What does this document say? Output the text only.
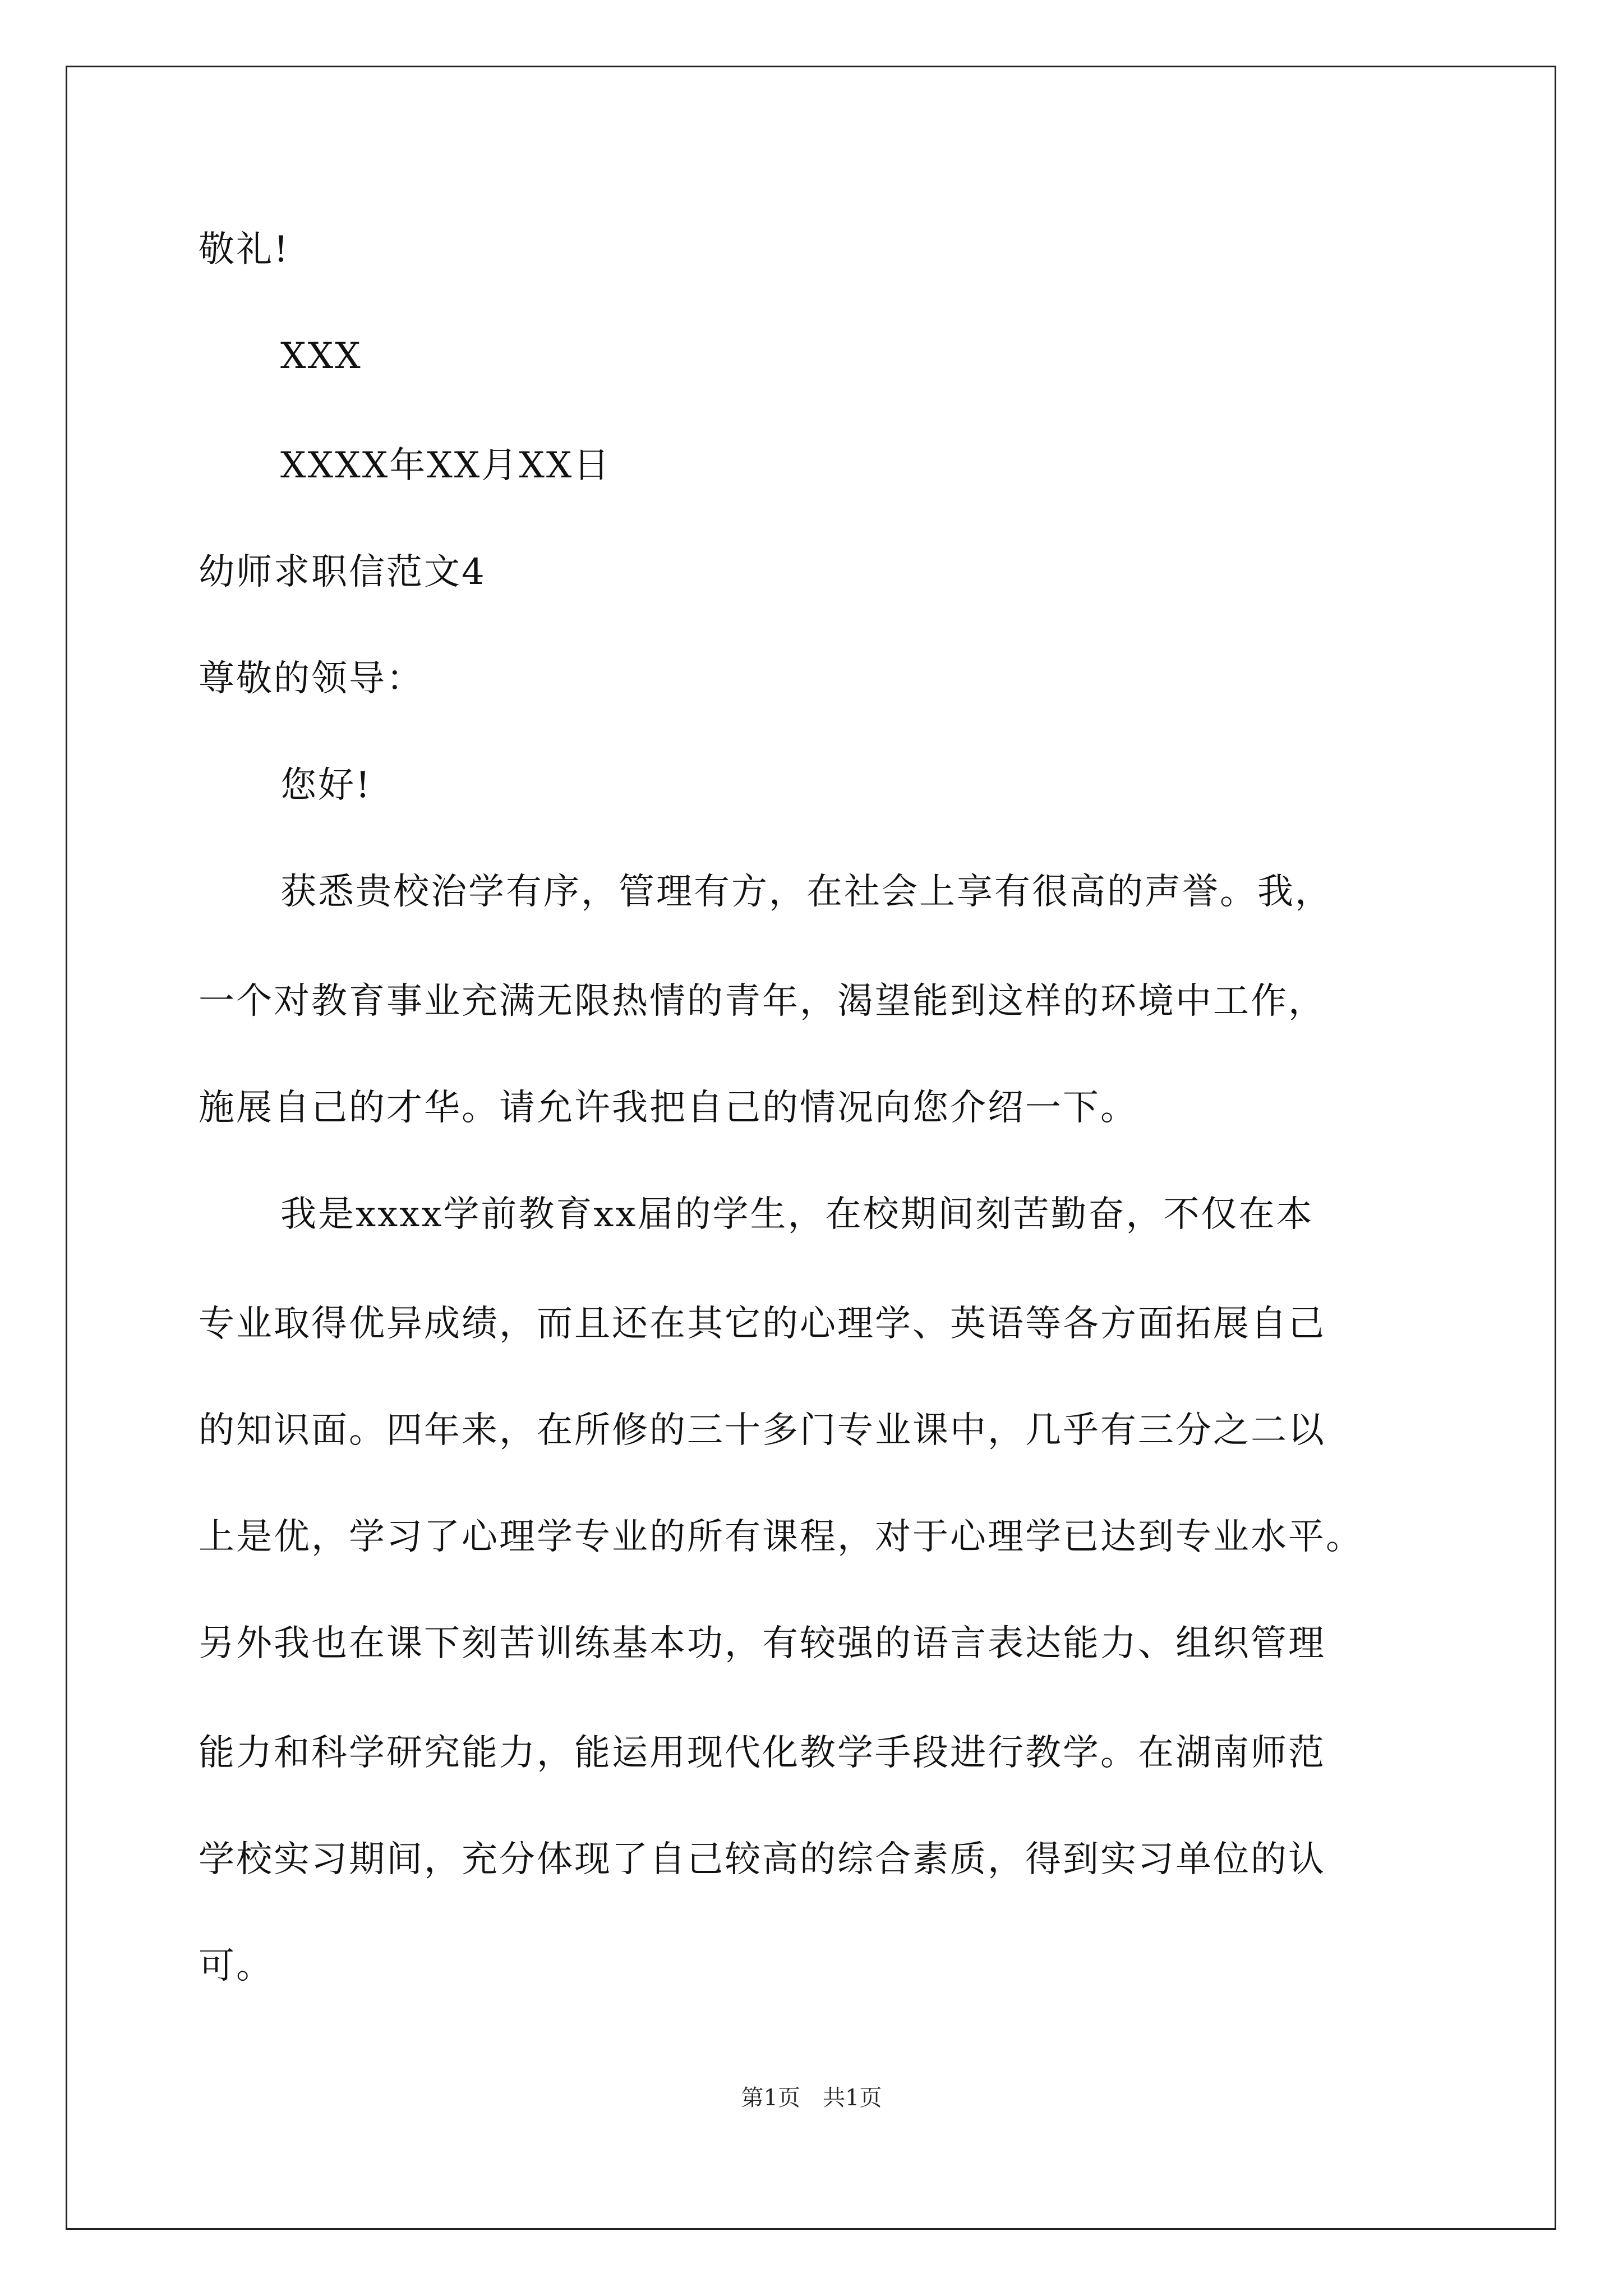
敬礼!
XXX
XXXX年XX月XX日
幼师求职信范文4
尊敬的领导：
您好!
获悉贵校治学有序，管理有方，在社会上享有很高的声誉。我，
一个对教育事业充满无限热情的青年，渴望能到这样的环境中工作，
施展自己的才华。请允许我把自己的情况向您介绍一下。
我是xxxx学前教育xx届的学生，在校期间刻苦勤奋，不仅在本
专业取得优异成绩，而且还在其它的心理学、英语等各方面拓展自己
的知识面。四年来，在所修的三十多门专业课中，几乎有三分之二以
上是优，学习了心理学专业的所有课程，对于心理学已达到专业水平。
另外我也在课下刻苦训练基本功，有较强的语言表达能力、组织管理
能力和科学研究能力，能运用现代化教学手段进行教学。在湖南师范
学校实习期间，充分体现了自己较高的综合素质，得到实习单位的认
可。
第1页 共1页
